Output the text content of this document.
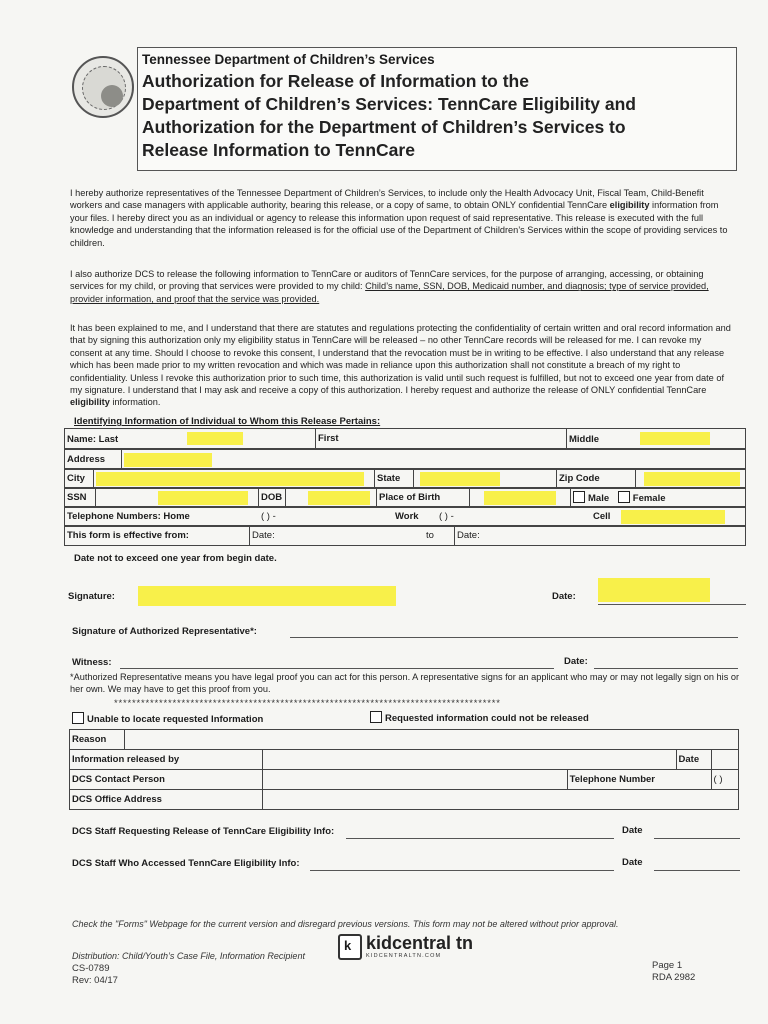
Tennessee Department of Children’s Services
Authorization for Release of Information to the
Department of Children’s Services: TennCare Eligibility and
Authorization for the Department of Children’s Services to
Release Information to TennCare
I hereby authorize representatives of the Tennessee Department of Children’s Services, to include only the Health Advocacy Unit, Fiscal Team, Child-Benefit workers and case managers with applicable authority, bearing this release, or a copy of same, to obtain ONLY confidential TennCare eligibility information from your files. I hereby direct you as an individual or agency to release this information upon request of said representative. This release is executed with the full knowledge and understanding that the information released is for the official use of the Department of Children’s Services within the scope of providing services to children.
I also authorize DCS to release the following information to TennCare or auditors of TennCare services, for the purpose of arranging, accessing, or obtaining services for my child, or proving that services were provided to my child: Child’s name, SSN, DOB, Medicaid number, and diagnosis; type of service provided, provider information, and proof that the service was provided.
It has been explained to me, and I understand that there are statutes and regulations protecting the confidentiality of certain written and oral record information and that by signing this authorization only my eligibility status in TennCare will be released – no other TennCare records will be released for me. I can revoke my consent at any time. Should I choose to revoke this consent, I understand that the revocation must be in writing to be effective. I also understand that any release which has been made prior to my written revocation and which was made in reliance upon this authorization shall not constitute a breach of my right to confidentiality. Unless I revoke this authorization prior to such time, this authorization is valid until such request is fulfilled, but not to exceed one year from date of my signature. I understand that I may ask and receive a copy of this authorization. I hereby request and authorize the release of ONLY confidential TennCare eligibility information.
Identifying Information of Individual to Whom this Release Pertains:
Name: Last	First	Middle
Address	
City		State		Zip Code	
SSN		DOB		Place of Birth		Male Female
Telephone Numbers: Home	( ) -	Work	( ) -	Cell	
This form is effective from:	Date:	to	Date:
Date not to exceed one year from begin date.
Signature:	Date:
Signature of Authorized Representative*:
Witness:	Date:
*Authorized Representative means you have legal proof you can act for this person. A representative signs for an applicant who may or may not legally sign on his or her own. We may have to get this proof from you.
**************************************************************************************
Unable to locate requested Information	Requested information could not be released
Reason					
Information released by				Date	
DCS Contact Person			Telephone Number		( )
DCS Office Address					
DCS Staff Requesting Release of TennCare Eligibility Info:	Date
DCS Staff Who Accessed TennCare Eligibility Info:	Date
Check the "Forms" Webpage for the current version and disregard previous versions. This form may not be altered without prior approval.
Distribution: Child/Youth’s Case File, Information Recipient
CS-0789
Rev: 04/17
k kidcentral tn
KIDCENTRALTN.COM
Page 1
RDA 2982
